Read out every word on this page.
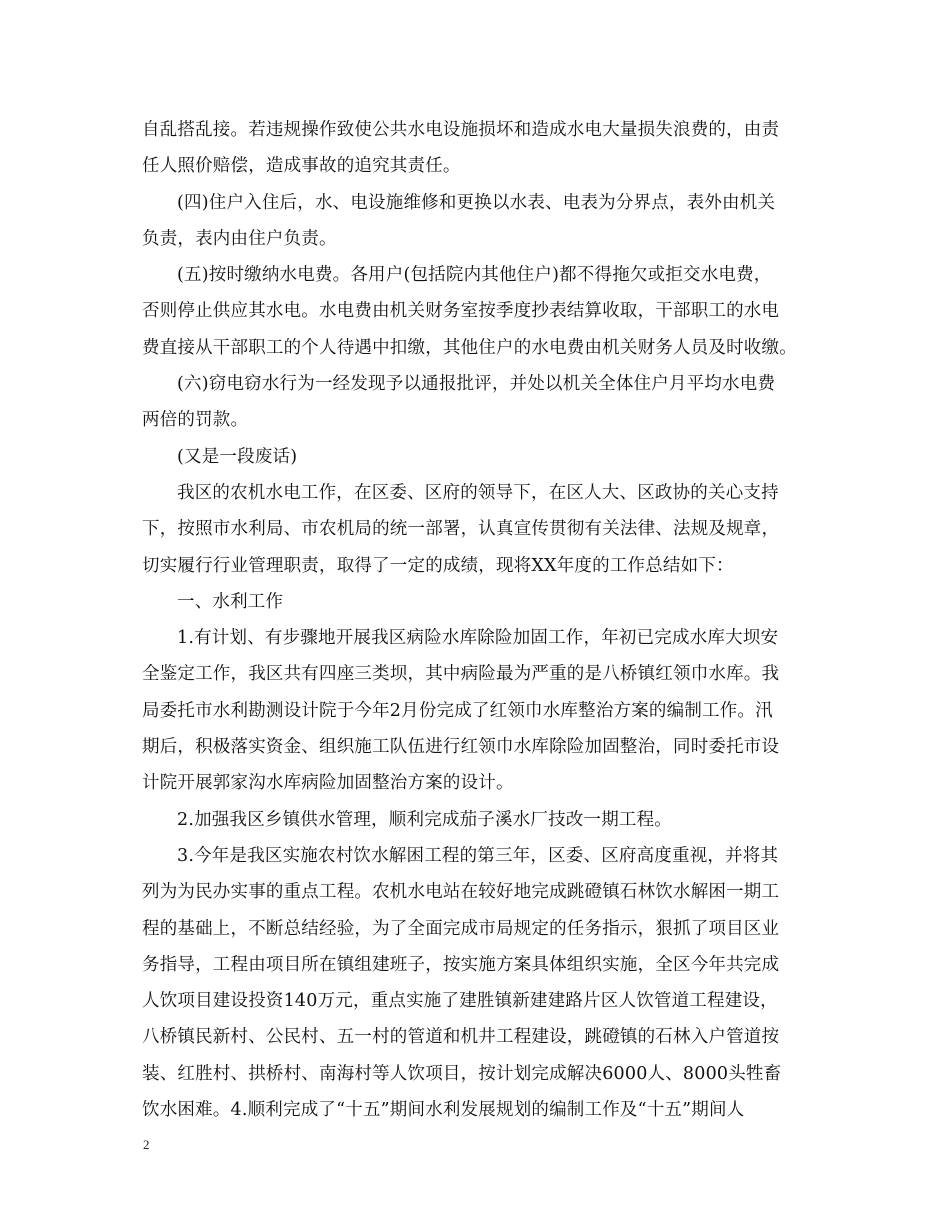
自乱搭乱接。若违规操作致使公共水电设施损坏和造成水电大量损失浪费的，由责
任人照价赔偿，造成事故的追究其责任。
(四)住户入住后，水、电设施维修和更换以水表、电表为分界点，表外由机关
负责，表内由住户负责。
(五)按时缴纳水电费。各用户(包括院内其他住户)都不得拖欠或拒交水电费，
否则停止供应其水电。水电费由机关财务室按季度抄表结算收取，干部职工的水电
费直接从干部职工的个人待遇中扣缴，其他住户的水电费由机关财务人员及时收缴。
(六)窃电窃水行为一经发现予以通报批评，并处以机关全体住户月平均水电费
两倍的罚款。
(又是一段废话)
我区的农机水电工作，在区委、区府的领导下，在区人大、区政协的关心支持
下，按照市水利局、市农机局的统一部署，认真宣传贯彻有关法律、法规及规章，
切实履行行业管理职责，取得了一定的成绩，现将XX年度的工作总结如下：
一、水利工作
1.有计划、有步骤地开展我区病险水库除险加固工作，年初已完成水库大坝安
全鉴定工作，我区共有四座三类坝，其中病险最为严重的是八桥镇红领巾水库。我
局委托市水利勘测设计院于今年2月份完成了红领巾水库整治方案的编制工作。汛
期后，积极落实资金、组织施工队伍进行红领巾水库除险加固整治，同时委托市设
计院开展郭家沟水库病险加固整治方案的设计。
2.加强我区乡镇供水管理，顺利完成茄子溪水厂技改一期工程。
3.今年是我区实施农村饮水解困工程的第三年，区委、区府高度重视，并将其
列为为民办实事的重点工程。农机水电站在较好地完成跳磴镇石林饮水解困一期工
程的基础上，不断总结经验，为了全面完成市局规定的任务指示，狠抓了项目区业
务指导，工程由项目所在镇组建班子，按实施方案具体组织实施，全区今年共完成
人饮项目建设投资140万元，重点实施了建胜镇新建建路片区人饮管道工程建设，
八桥镇民新村、公民村、五一村的管道和机井工程建设，跳磴镇的石林入户管道按
装、红胜村、拱桥村、南海村等人饮项目，按计划完成解决6000人、8000头牲畜
饮水困难。4.顺利完成了“十五”期间水利发展规划的编制工作及“十五”期间人
2
